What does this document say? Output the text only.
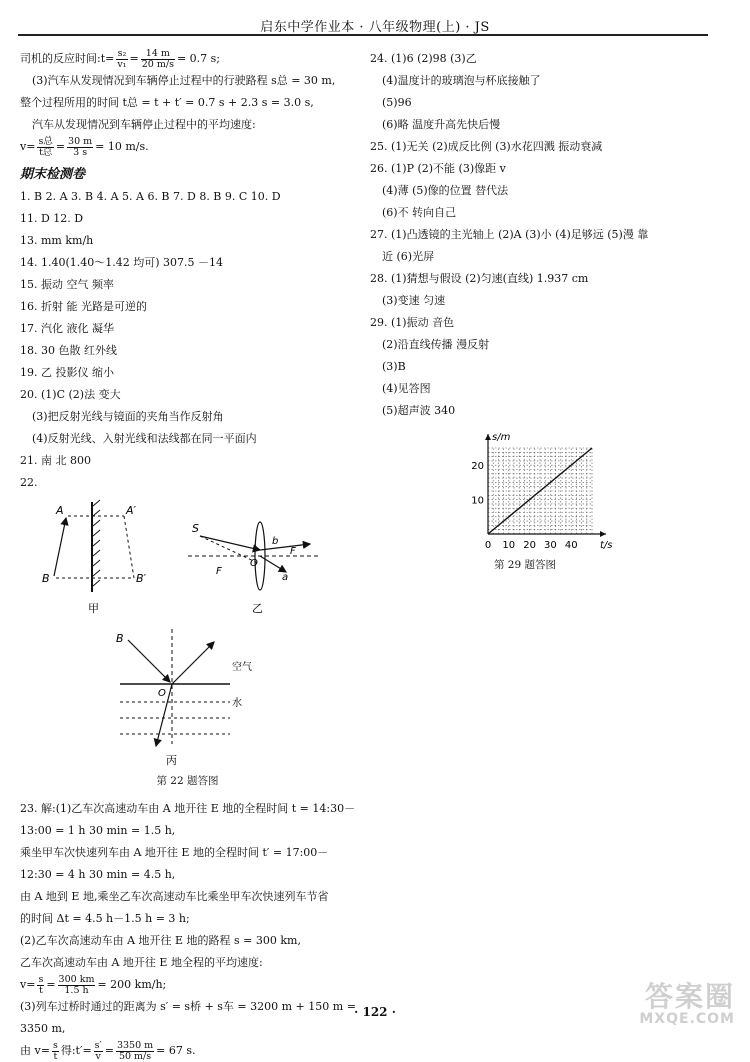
启东中学作业本 · 八年级物理(上) · JS
司机的反应时间:t= $\frac{\text{s₂}}{\text{v₁}} = \frac{14 m}{20 m/s} = 0.7$ s;
(3)汽车从发现情况到车辆停止过程中的行驶路程 s总 = 30 m,
整个过程所用的时间 t总 = t + t′ = 0.7 s + 2.3 s = 3.0 s,
汽车从发现情况到车辆停止过程中的平均速度:
$v= \frac{\text{s总}}{\text{t总}} = \frac{30 m}{3 s} = 10$ m/s.
期末检测卷
1. B 2. A 3. B 4. A 5. A 6. B 7. D 8. B 9. C 10. D
11. D 12. D
13. mm km/h
14. 1.40(1.40～1.42 均可) 307.5 －14
15. 振动 空气 频率
16. 折射 能 光路是可逆的
17. 汽化 液化 凝华
18. 30 色散 红外线
19. 乙 投影仪 缩小
20. (1)C (2)法 变大
(3)把反射光线与镜面的夹角当作反射角
(4)反射光线、入射光线和法线都在同一平面内
21. 南 北 800
22.
A	A′
B	B′
甲
S
b
O
F
F
a
乙
B
O
空气
水
丙
第 22 题答图
23. 解:(1)乙车次高速动车由 A 地开往 E 地的全程时间 t = 14:30－
13:00 = 1 h 30 min = 1.5 h,
乘坐甲车次快速列车由 A 地开往 E 地的全程时间 t′ = 17:00－
12:30 = 4 h 30 min = 4.5 h,
由 A 地到 E 地,乘坐乙车次高速动车比乘坐甲车次快速列车节省
的时间 Δt = 4.5 h－1.5 h = 3 h;
(2)乙车次高速动车由 A 地开往 E 地的路程 s = 300 km,
乙车次高速动车由 A 地开往 E 地全程的平均速度:
$v= \frac{s}{t} = \frac{300 km}{1.5 h} = 200$ km/h;
(3)列车过桥时通过的距离为 s′ = s桥 + s车 = 3200 m + 150 m =
3350 m,
由 $v= \frac{s}{t}$ 得:t′= $\frac{s'}{v} = \frac{3350 m}{50 m/s} = 67$ s.
24. (1)6 (2)98 (3)乙
(4)温度计的玻璃泡与杯底接触了
(5)96
(6)略 温度升高先快后慢
25. (1)无关 (2)成反比例 (3)水花四溅 振动衰减
26. (1)P (2)不能 (3)像距 v
(4)薄 (5)像的位置 替代法
(6)不 转向自己
27. (1)凸透镜的主光轴上 (2)A (3)小 (4)足够远 (5)漫 靠
近 (6)光屏
28. (1)猜想与假设 (2)匀速(直线) 1.937 cm
(3)变速 匀速
29. (1)振动 音色
(2)沿直线传播 漫反射
(3)B
(4)见答图
(5)超声波 340
s/m
t/s
0 10 20 30 40
10
20
第 29 题答图
· 122 ·	答案圈
MXQE.COM
